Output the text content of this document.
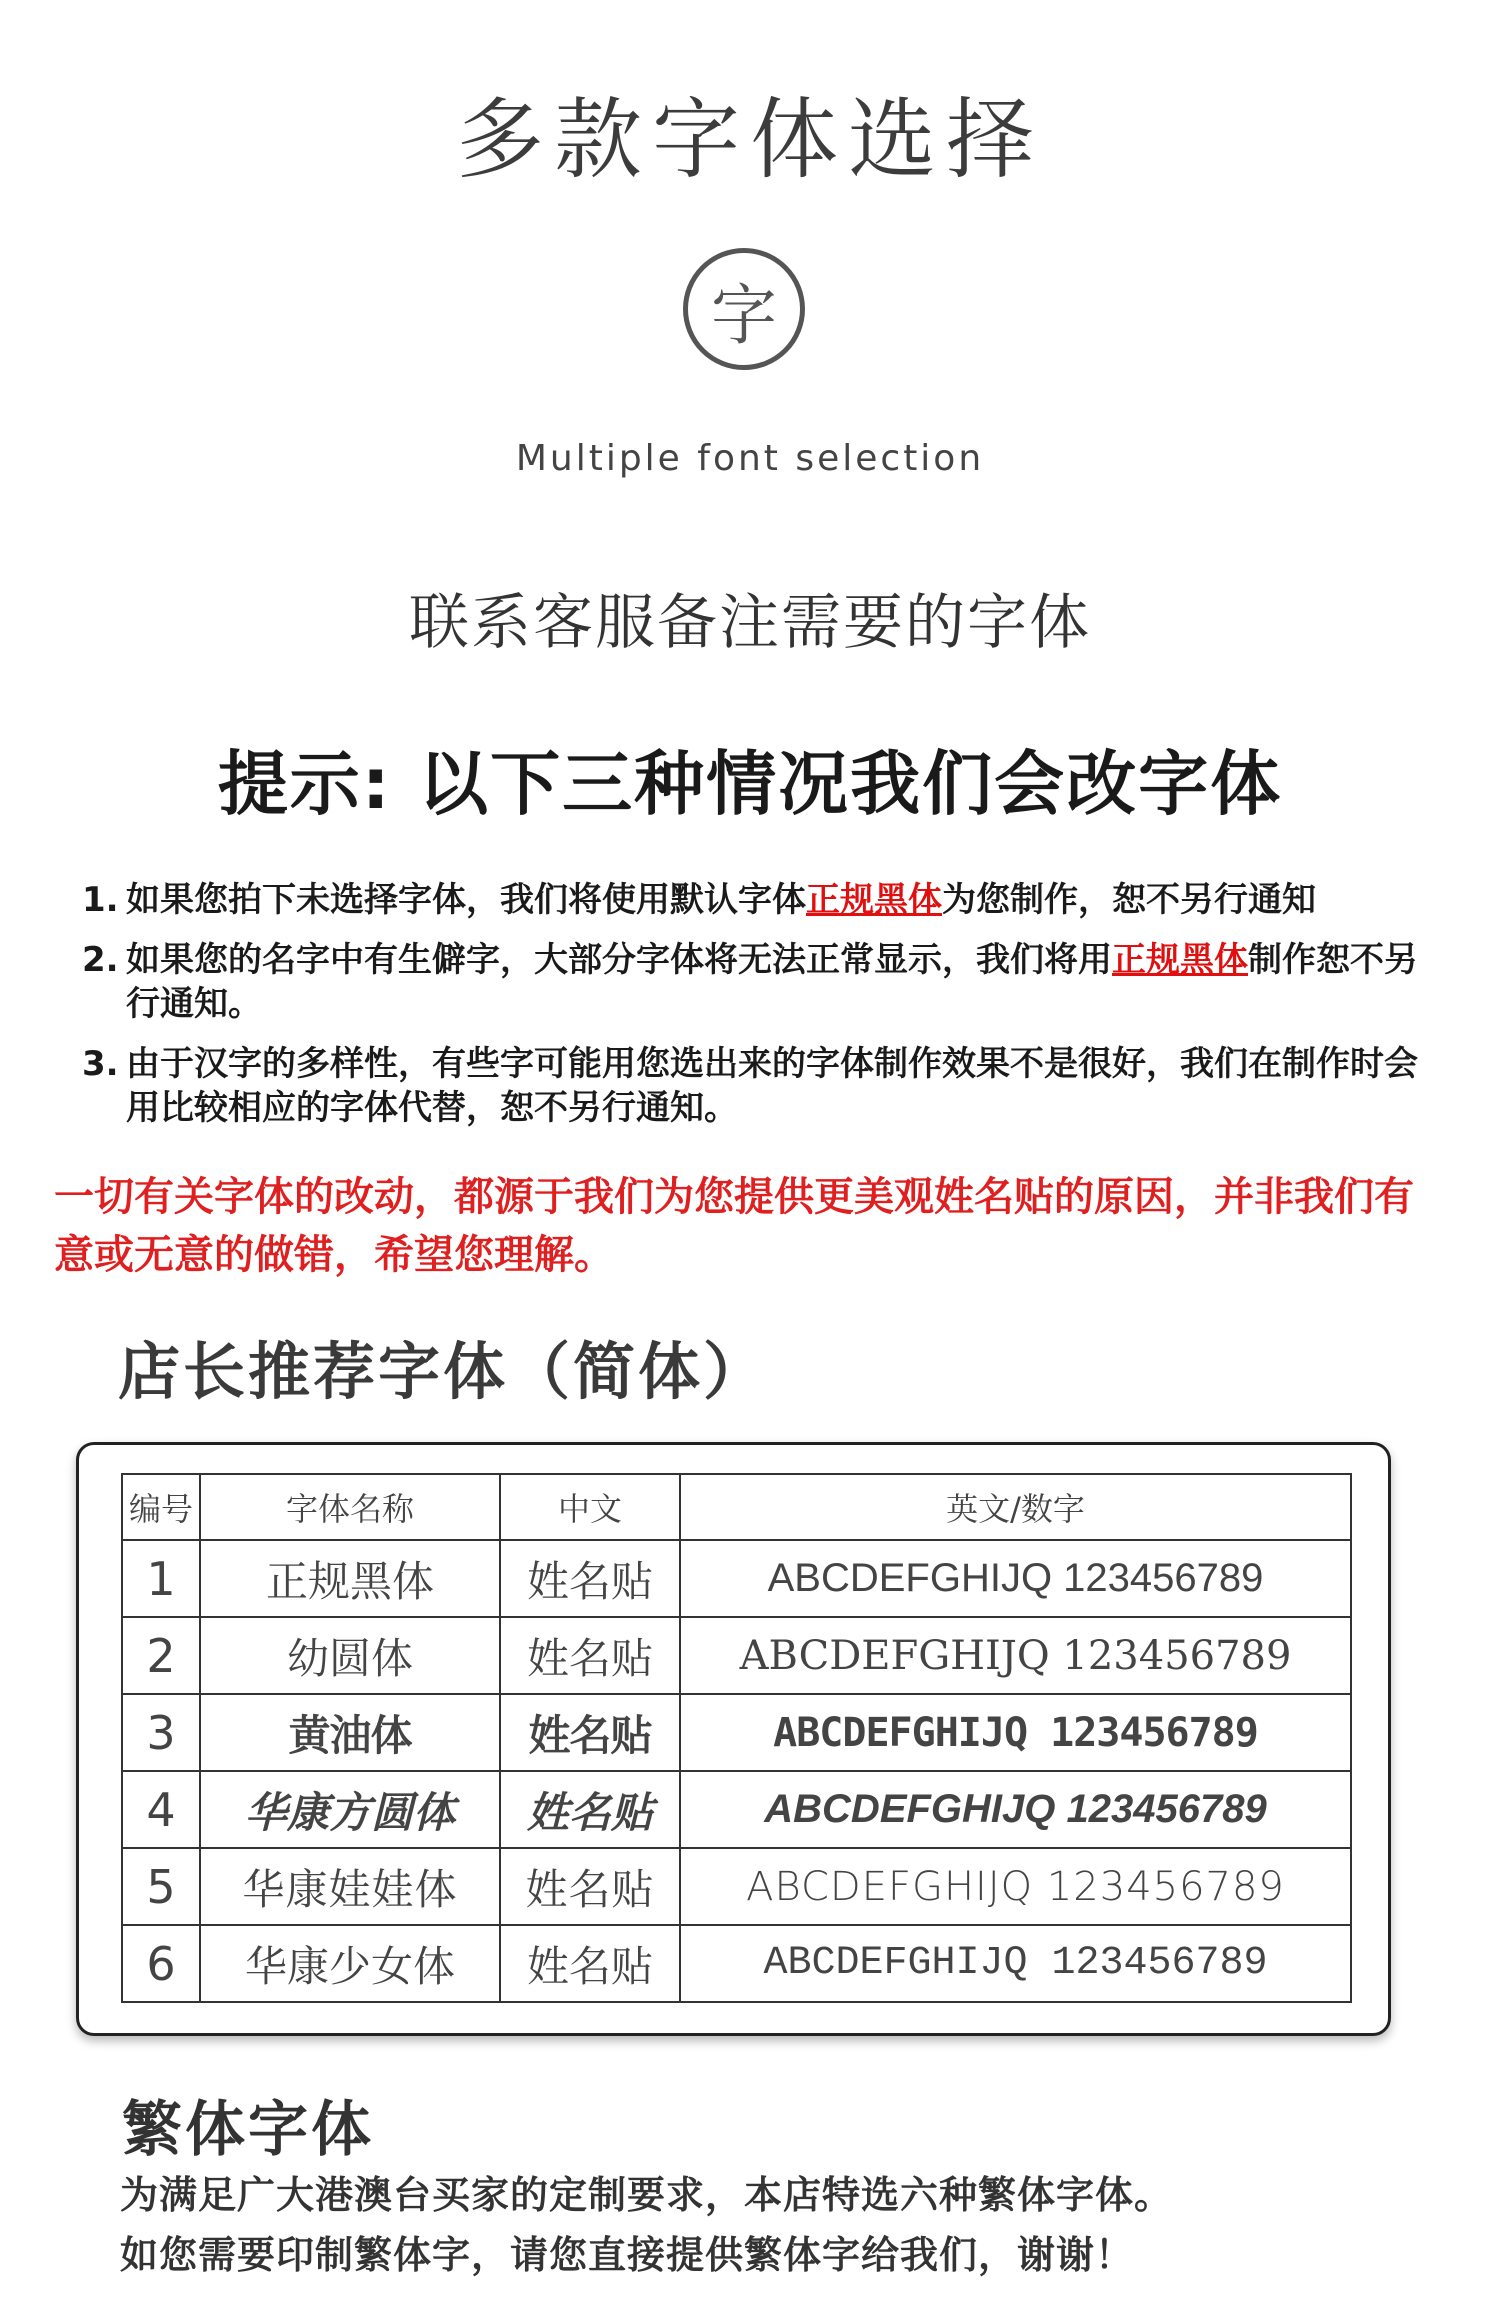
多款字体选择
字
Multiple font selection
联系客服备注需要的字体
提示: 以下三种情况我们会改字体
1. 如果您拍下未选择字体，我们将使用默认字体正规黑体为您制作，恕不另行通知
2. 如果您的名字中有生僻字，大部分字体将无法正常显示，我们将用正规黑体制作恕不另行通知。
3. 由于汉字的多样性，有些字可能用您选出来的字体制作效果不是很好，我们在制作时会用比较相应的字体代替，恕不另行通知。
一切有关字体的改动，都源于我们为您提供更美观姓名贴的原因，并非我们有意或无意的做错，希望您理解。
店长推荐字体（简体）
编号	字体名称	中文	英文/数字
1	正规黑体	姓名贴	ABCDEFGHIJQ 123456789
2	幼圆体	姓名贴	ABCDEFGHIJQ 123456789
3	黄油体	姓名贴	ABCDEFGHIJQ 123456789
4	华康方圆体	姓名贴	ABCDEFGHIJQ 123456789
5	华康娃娃体	姓名贴	ABCDEFGHIJQ 123456789
6	华康少女体	姓名贴	ABCDEFGHIJQ 123456789
繁体字体
为满足广大港澳台买家的定制要求，本店特选六种繁体字体。
如您需要印制繁体字，请您直接提供繁体字给我们，谢谢！
